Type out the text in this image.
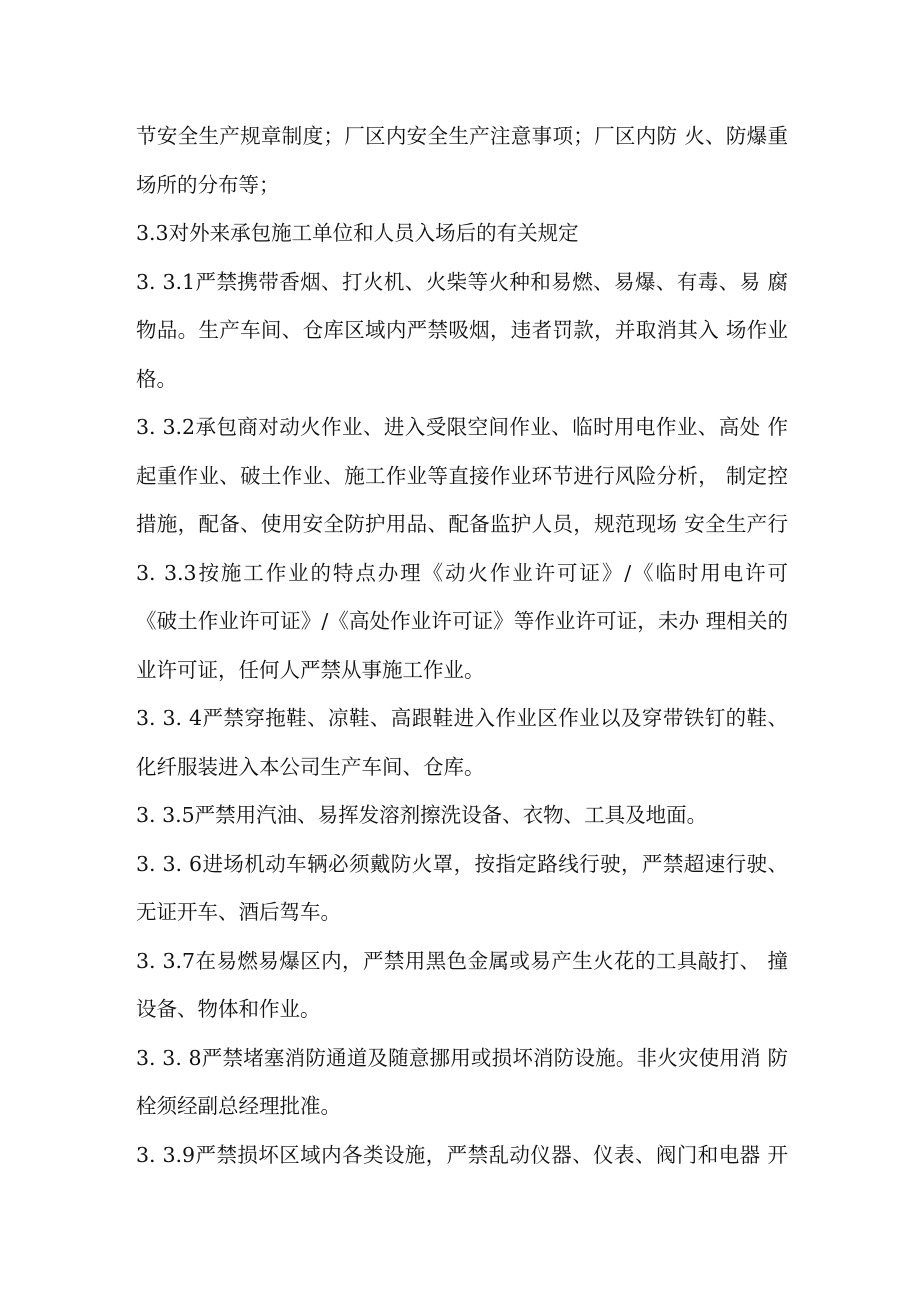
节安全生产规章制度；厂区内安全生产注意事项；厂区内防 火、防爆重
场所的分布等；
3.3对外来承包施工单位和人员入场后的有关规定
3. 3.1严禁携带香烟、打火机、火柴等火种和易燃、易爆、有毒、易 腐
物品。生产车间、仓库区域内严禁吸烟，违者罚款，并取消其入 场作业
格。
3. 3.2承包商对动火作业、进入受限空间作业、临时用电作业、高处 作
起重作业、破土作业、施工作业等直接作业环节进行风险分析， 制定控
措施，配备、使用安全防护用品、配备监护人员，规范现场 安全生产行
3. 3.3按施工作业的特点办理《动火作业许可证》/《临时用电许可
《破土作业许可证》/《高处作业许可证》等作业许可证，未办 理相关的
业许可证，任何人严禁从事施工作业。
3. 3. 4严禁穿拖鞋、凉鞋、高跟鞋进入作业区作业以及穿带铁钉的鞋、
化纤服装进入本公司生产车间、仓库。
3. 3.5严禁用汽油、易挥发溶剂擦洗设备、衣物、工具及地面。
3. 3. 6进场机动车辆必须戴防火罩，按指定路线行驶，严禁超速行驶、
无证开车、酒后驾车。
3. 3.7在易燃易爆区内，严禁用黑色金属或易产生火花的工具敲打、 撞
设备、物体和作业。
3. 3. 8严禁堵塞消防通道及随意挪用或损坏消防设施。非火灾使用消 防
栓须经副总经理批准。
3. 3.9严禁损坏区域内各类设施，严禁乱动仪器、仪表、阀门和电器 开
